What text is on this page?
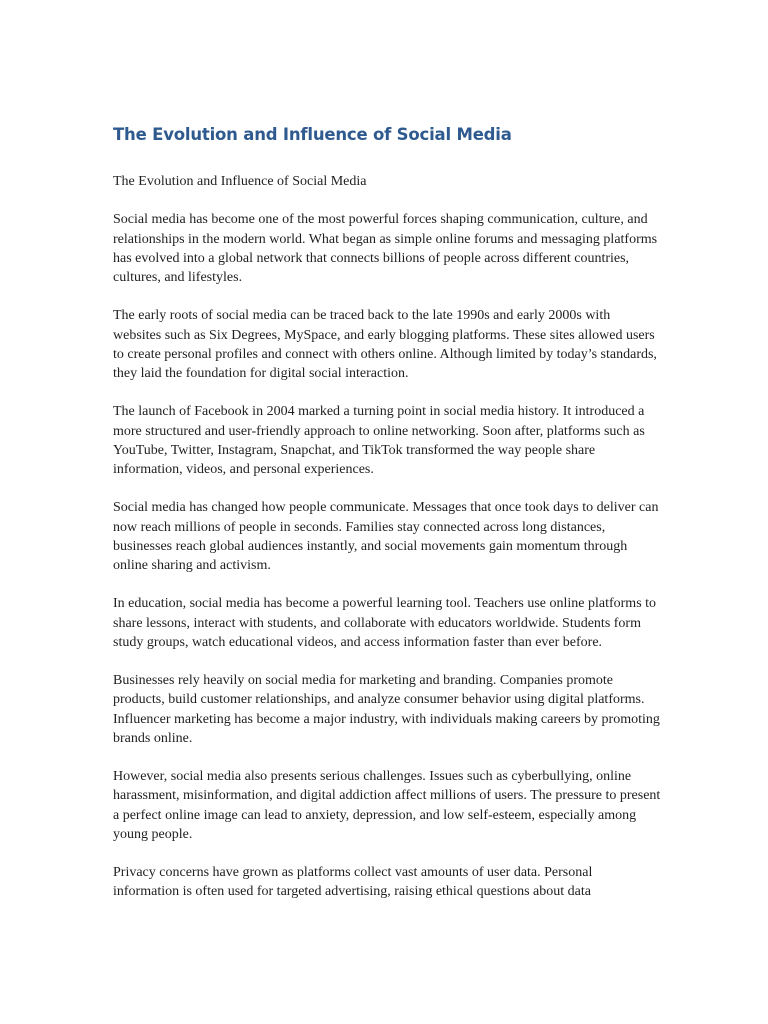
The Evolution and Influence of Social Media

The Evolution and Influence of Social Media

Social media has become one of the most powerful forces shaping communication, culture, and relationships in the modern world. What began as simple online forums and messaging platforms has evolved into a global network that connects billions of people across different countries, cultures, and lifestyles.

The early roots of social media can be traced back to the late 1990s and early 2000s with websites such as Six Degrees, MySpace, and early blogging platforms. These sites allowed users to create personal profiles and connect with others online. Although limited by today’s standards, they laid the foundation for digital social interaction.

The launch of Facebook in 2004 marked a turning point in social media history. It introduced a more structured and user-friendly approach to online networking. Soon after, platforms such as YouTube, Twitter, Instagram, Snapchat, and TikTok transformed the way people share information, videos, and personal experiences.

Social media has changed how people communicate. Messages that once took days to deliver can now reach millions of people in seconds. Families stay connected across long distances, businesses reach global audiences instantly, and social movements gain momentum through online sharing and activism.

In education, social media has become a powerful learning tool. Teachers use online platforms to share lessons, interact with students, and collaborate with educators worldwide. Students form study groups, watch educational videos, and access information faster than ever before.

Businesses rely heavily on social media for marketing and branding. Companies promote products, build customer relationships, and analyze consumer behavior using digital platforms. Influencer marketing has become a major industry, with individuals making careers by promoting brands online.

However, social media also presents serious challenges. Issues such as cyberbullying, online harassment, misinformation, and digital addiction affect millions of users. The pressure to present a perfect online image can lead to anxiety, depression, and low self-esteem, especially among young people.

Privacy concerns have grown as platforms collect vast amounts of user data. Personal information is often used for targeted advertising, raising ethical questions about data
